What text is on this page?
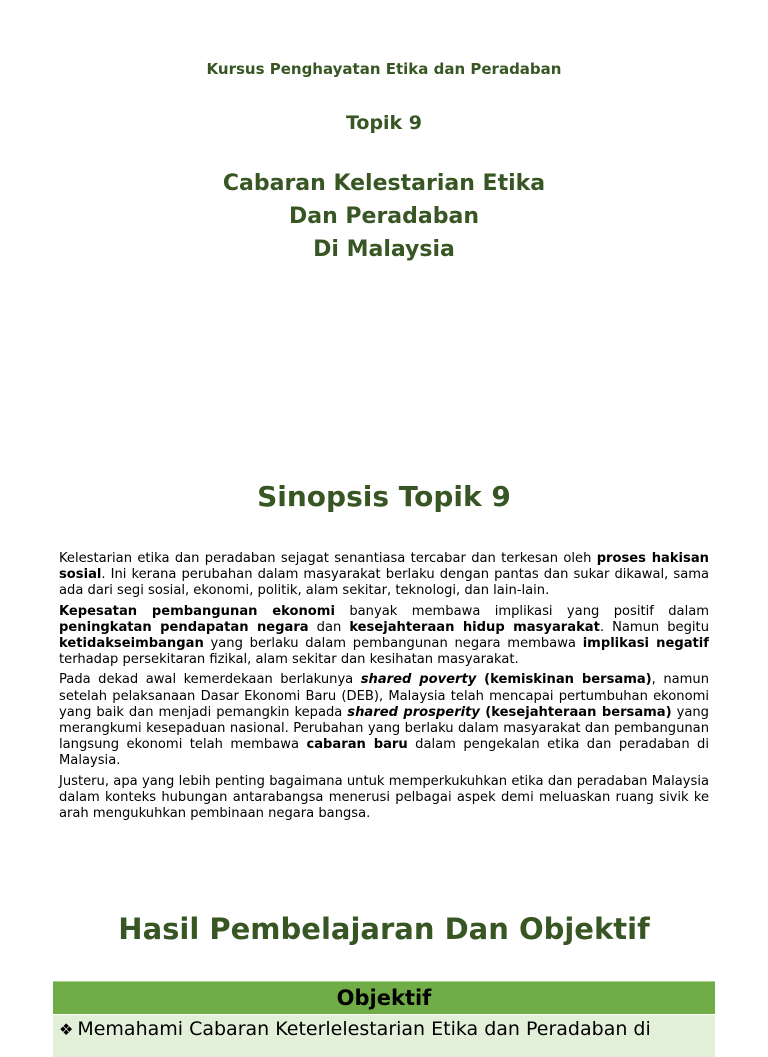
Kursus Penghayatan Etika dan Peradaban
Topik 9
Cabaran Kelestarian Etika
Dan Peradaban
Di Malaysia
Sinopsis Topik 9

Kelestarian etika dan peradaban sejagat senantiasa tercabar dan terkesan oleh proses hakisan sosial. Ini kerana perubahan dalam masyarakat berlaku dengan pantas dan sukar dikawal, sama ada dari segi sosial, ekonomi, politik, alam sekitar, teknologi, dan lain-lain.

Kepesatan pembangunan ekonomi banyak membawa implikasi yang positif dalam peningkatan pendapatan negara dan kesejahteraan hidup masyarakat. Namun begitu ketidakseimbangan yang berlaku dalam pembangunan negara membawa implikasi negatif terhadap persekitaran fizikal, alam sekitar dan kesihatan masyarakat.

Pada dekad awal kemerdekaan berlakunya shared poverty (kemiskinan bersama), namun setelah pelaksanaan Dasar Ekonomi Baru (DEB), Malaysia telah mencapai pertumbuhan ekonomi yang baik dan menjadi pemangkin kepada shared prosperity (kesejahteraan bersama) yang merangkumi kesepaduan nasional. Perubahan yang berlaku dalam masyarakat dan pembangunan langsung ekonomi telah membawa cabaran baru dalam pengekalan etika dan peradaban di Malaysia.

Justeru, apa yang lebih penting bagaimana untuk memperkukuhkan etika dan peradaban Malaysia dalam konteks hubungan antarabangsa menerusi pelbagai aspek demi meluaskan ruang sivik ke arah mengukuhkan pembinaan negara bangsa.

Hasil Pembelajaran Dan Objektif
Objektif
❖ Memahami Cabaran Keterlelestarian Etika dan Peradaban di
